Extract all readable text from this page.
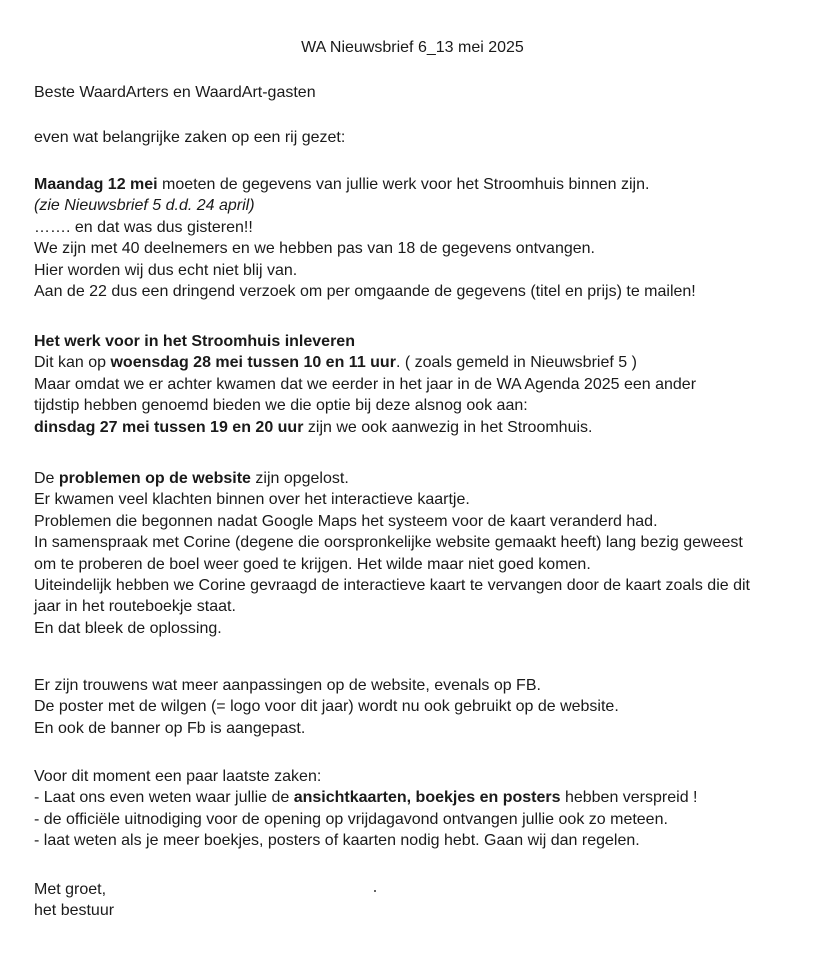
WA Nieuwsbrief 6_13 mei 2025
Beste WaardArters en WaardArt-gasten
even wat belangrijke zaken op een rij gezet:
Maandag 12 mei moeten de gegevens van jullie werk voor het Stroomhuis binnen zijn.
(zie Nieuwsbrief 5 d.d. 24 april)
……. en dat was dus gisteren!!
We zijn met 40 deelnemers en we hebben pas van 18 de gegevens ontvangen.
Hier worden wij dus echt niet blij van.
Aan de 22 dus een dringend verzoek om per omgaande de gegevens (titel en prijs) te mailen!
Het werk voor in het Stroomhuis inleveren
Dit kan op woensdag 28 mei tussen 10 en 11 uur. ( zoals gemeld in Nieuwsbrief 5 )
Maar omdat we er achter kwamen dat we eerder in het jaar in de WA Agenda 2025 een ander
tijdstip hebben genoemd bieden we die optie bij deze alsnog ook aan:
dinsdag 27 mei tussen 19 en 20 uur zijn we ook aanwezig in het Stroomhuis.
De problemen op de website zijn opgelost.
Er kwamen veel klachten binnen over het interactieve kaartje.
Problemen die begonnen nadat Google Maps het systeem voor de kaart veranderd had.
In samenspraak met Corine (degene die oorspronkelijke website gemaakt heeft) lang bezig geweest
om te proberen de boel weer goed te krijgen. Het wilde maar niet goed komen.
Uiteindelijk hebben we Corine gevraagd de interactieve kaart te vervangen door de kaart zoals die dit
jaar in het routeboekje staat.
En dat bleek de oplossing.
Er zijn trouwens wat meer aanpassingen op de website, evenals op FB.
De poster met de wilgen (= logo voor dit jaar) wordt nu ook gebruikt op de website.
En ook de banner op Fb is aangepast.
Voor dit moment een paar laatste zaken:
- Laat ons even weten waar jullie de ansichtkaarten, boekjes en posters hebben verspreid !
- de officiële uitnodiging voor de opening op vrijdagavond ontvangen jullie ook zo meteen.
- laat weten als je meer boekjes, posters of kaarten nodig hebt. Gaan wij dan regelen.
Met groet,
het bestuur
